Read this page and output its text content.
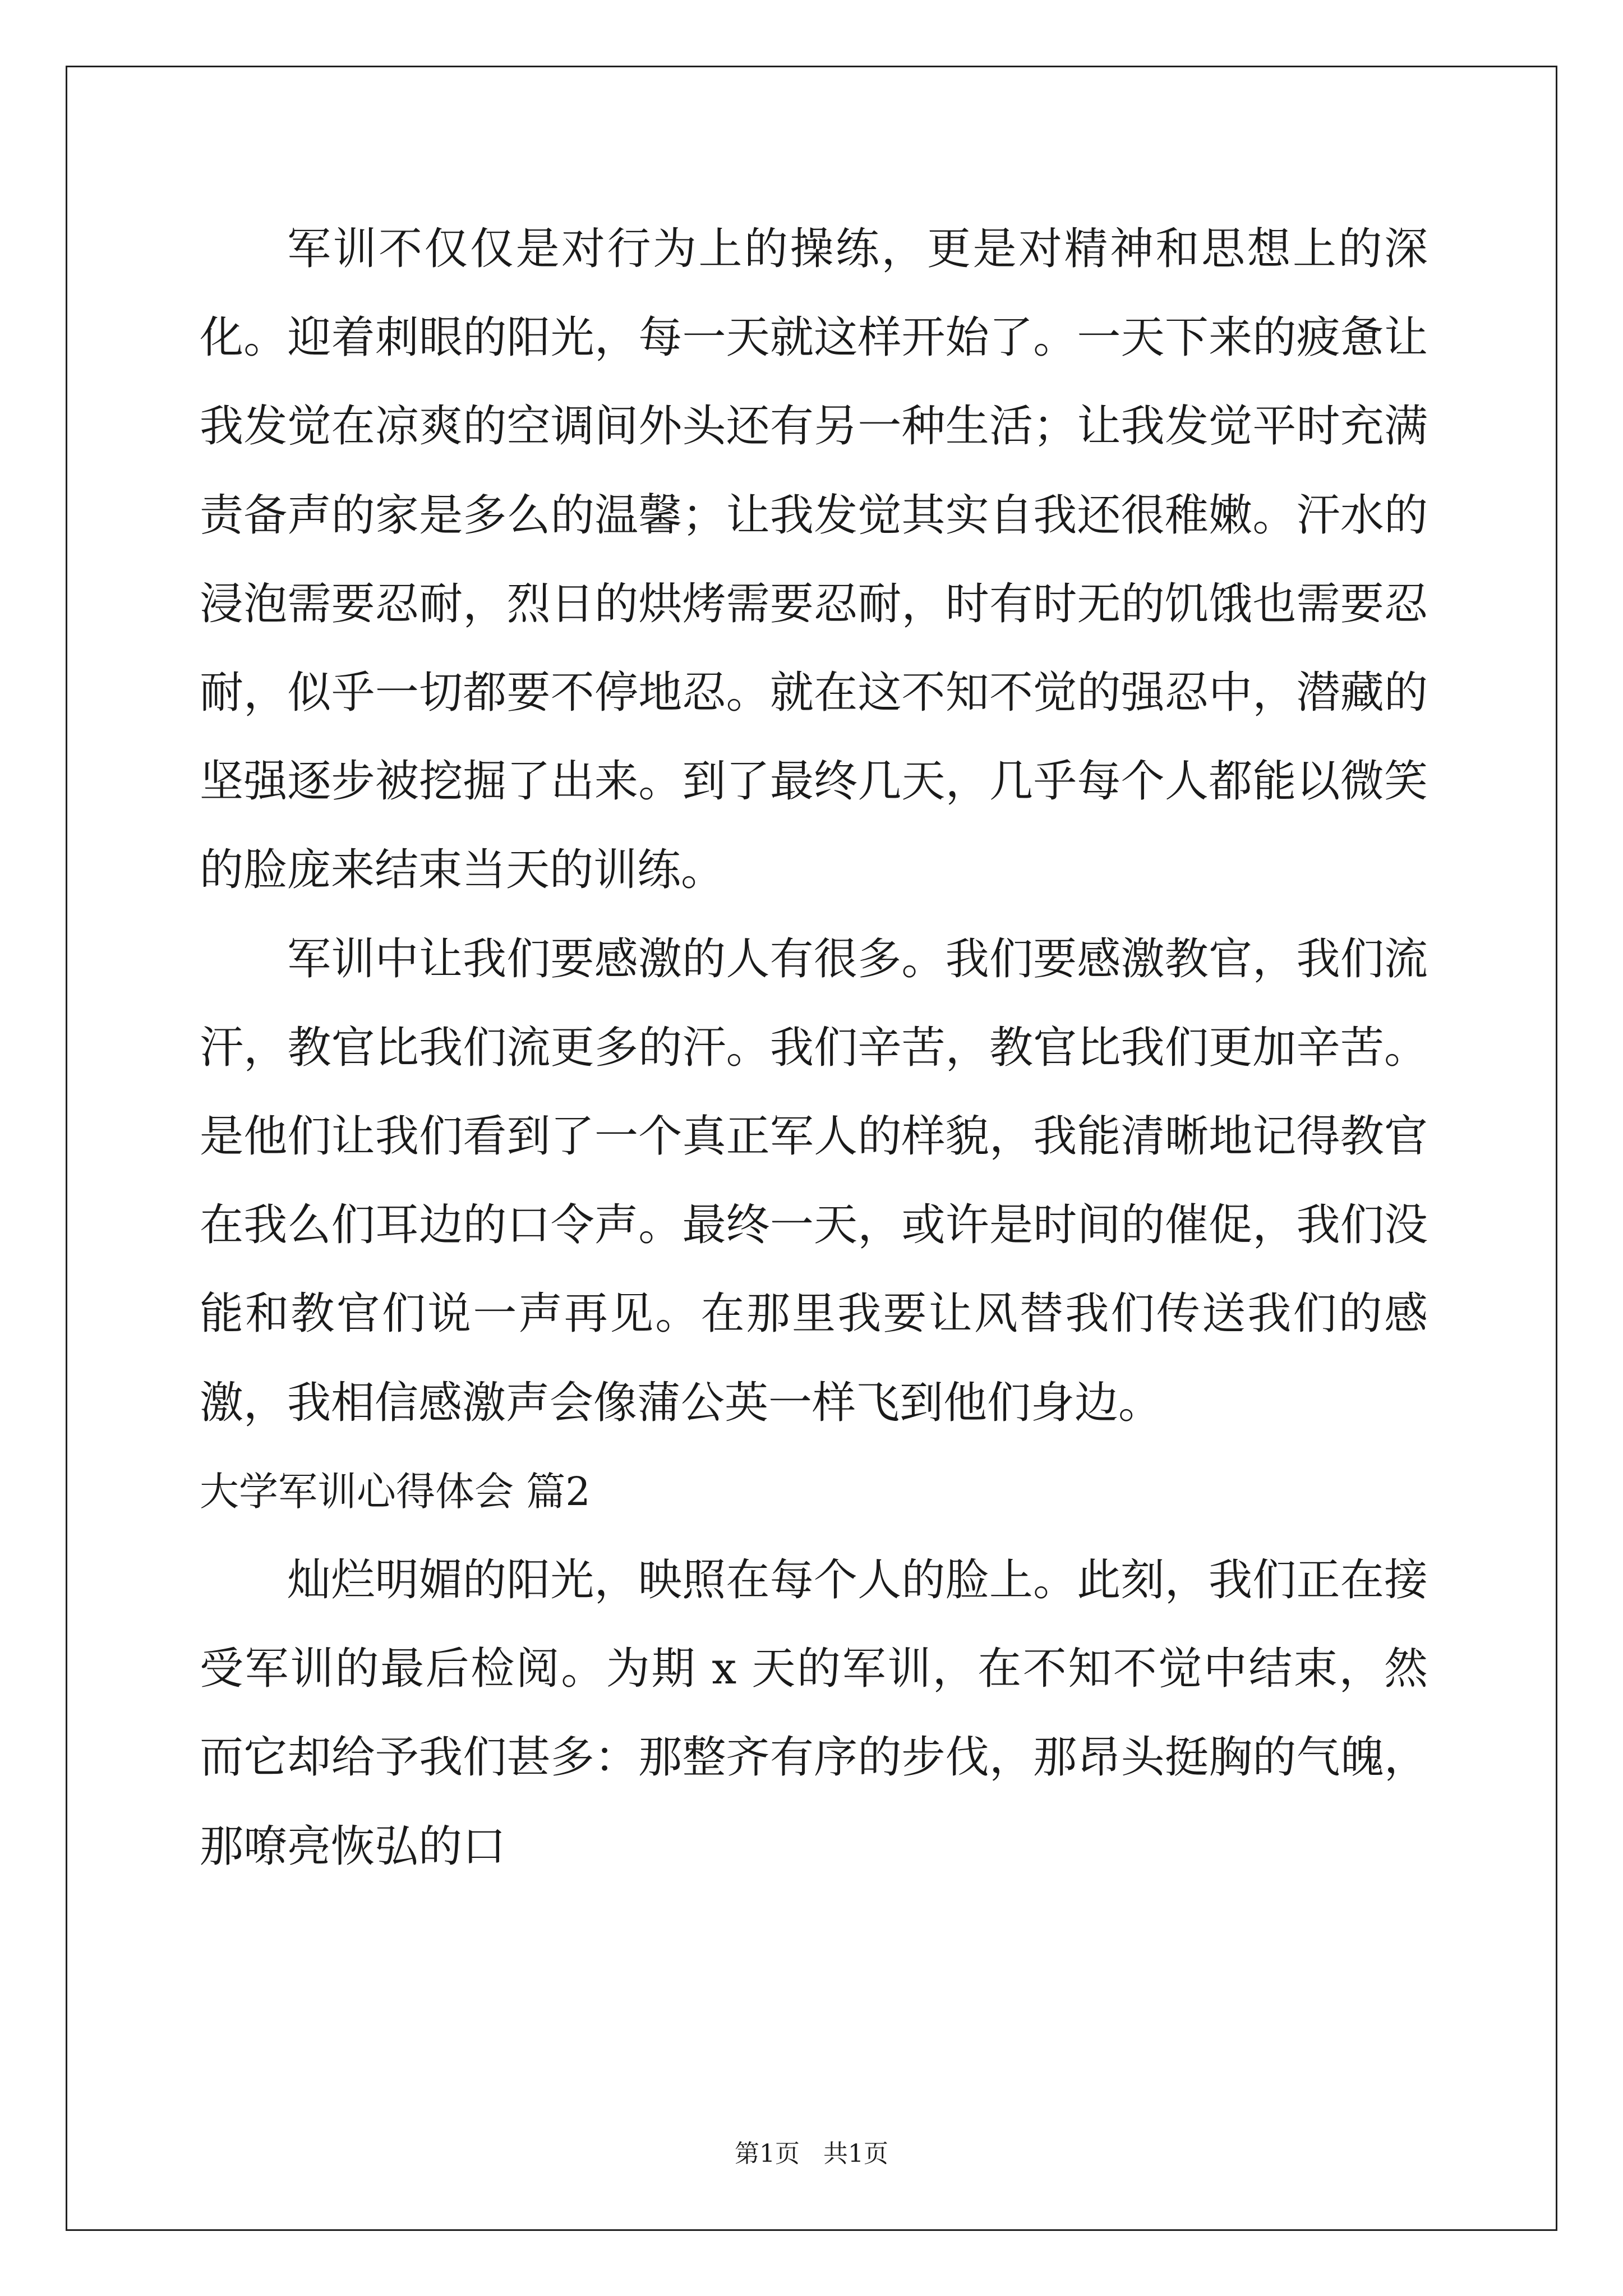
军训不仅仅是对行为上的操练，更是对精神和思想上的深化。迎着刺眼的阳光，每一天就这样开始了。一天下来的疲惫让我发觉在凉爽的空调间外头还有另一种生活；让我发觉平时充满责备声的家是多么的温馨；让我发觉其实自我还很稚嫩。汗水的浸泡需要忍耐，烈日的烘烤需要忍耐，时有时无的饥饿也需要忍耐，似乎一切都要不停地忍。就在这不知不觉的强忍中，潜藏的坚强逐步被挖掘了出来。到了最终几天，几乎每个人都能以微笑的脸庞来结束当天的训练。

军训中让我们要感激的人有很多。我们要感激教官，我们流汗，教官比我们流更多的汗。我们辛苦，教官比我们更加辛苦。是他们让我们看到了一个真正军人的样貌，我能清晰地记得教官在我么们耳边的口令声。最终一天，或许是时间的催促，我们没能和教官们说一声再见。在那里我要让风替我们传送我们的感激，我相信感激声会像蒲公英一样飞到他们身边。

大学军训心得体会 篇2

灿烂明媚的阳光，映照在每个人的脸上。此刻，我们正在接受军训的最后检阅。为期 x 天的军训，在不知不觉中结束，然而它却给予我们甚多：那整齐有序的步伐，那昂头挺胸的气魄，那嘹亮恢弘的口

第1页 共1页
